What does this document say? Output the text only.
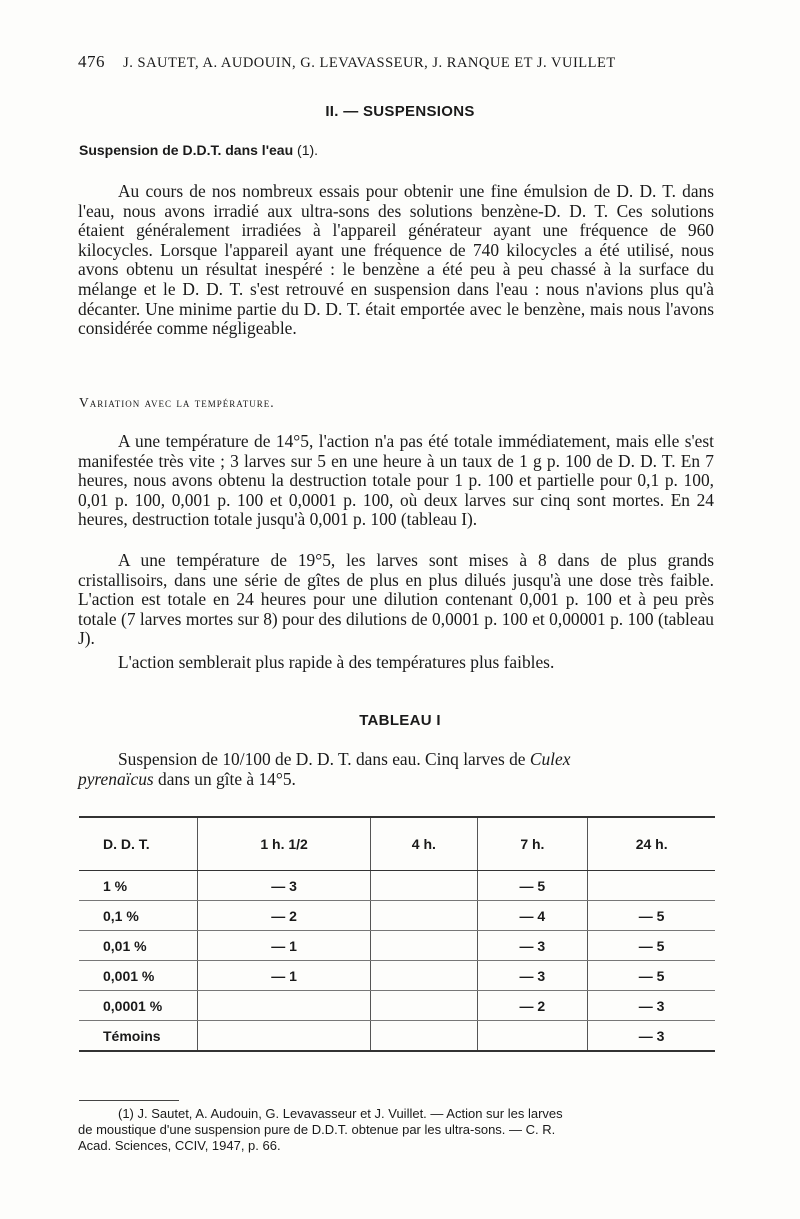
476 J. SAUTET, A. AUDOUIN, G. LEVAVASSEUR, J. RANQUE ET J. VUILLET
II. — SUSPENSIONS
Suspension de D.D.T. dans l'eau (1).

Au cours de nos nombreux essais pour obtenir une fine émulsion de D. D. T. dans l'eau, nous avons irradié aux ultra-sons des solutions benzène-D. D. T. Ces solutions étaient généralement irradiées à l'appareil générateur ayant une fréquence de 960 kilocycles. Lorsque l'appareil ayant une fréquence de 740 kilocycles a été utilisé, nous avons obtenu un résultat inespéré : le benzène a été peu à peu chassé à la surface du mélange et le D. D. T. s'est retrouvé en suspension dans l'eau : nous n'avions plus qu'à décanter. Une minime partie du D. D. T. était emportée avec le benzène, mais nous l'avons considérée comme négligeable.

Variation avec la température.

A une température de 14°5, l'action n'a pas été totale immédiatement, mais elle s'est manifestée très vite ; 3 larves sur 5 en une heure à un taux de 1 g p. 100 de D. D. T. En 7 heures, nous avons obtenu la destruction totale pour 1 p. 100 et partielle pour 0,1 p. 100, 0,01 p. 100, 0,001 p. 100 et 0,0001 p. 100, où deux larves sur cinq sont mortes. En 24 heures, destruction totale jusqu'à 0,001 p. 100 (tableau I).

A une température de 19°5, les larves sont mises à 8 dans de plus grands cristallisoirs, dans une série de gîtes de plus en plus dilués jusqu'à une dose très faible. L'action est totale en 24 heures pour une dilution contenant 0,001 p. 100 et à peu près totale (7 larves mortes sur 8) pour des dilutions de 0,0001 p. 100 et 0,00001 p. 100 (tableau J).

L'action semblerait plus rapide à des températures plus faibles.

TABLEAU I

Suspension de 10/100 de D. D. T. dans eau. Cinq larves de Culex
pyrenaïcus dans un gîte à 14°5.

D. D. T.	1 h. 1/2	4 h.	7 h.	24 h.
1 %	— 3		— 5	
0,1 %	— 2		— 4	— 5
0,01 %	— 1		— 3	— 5
0,001 %	— 1		— 3	— 5
0,0001 %			— 2	— 3
Témoins				— 3

(1) J. Sautet, A. Audouin, G. Levavasseur et J. Vuillet. — Action sur les larves
de moustique d'une suspension pure de D.D.T. obtenue par les ultra-sons. — C. R.
Acad. Sciences, CCIV, 1947, p. 66.
